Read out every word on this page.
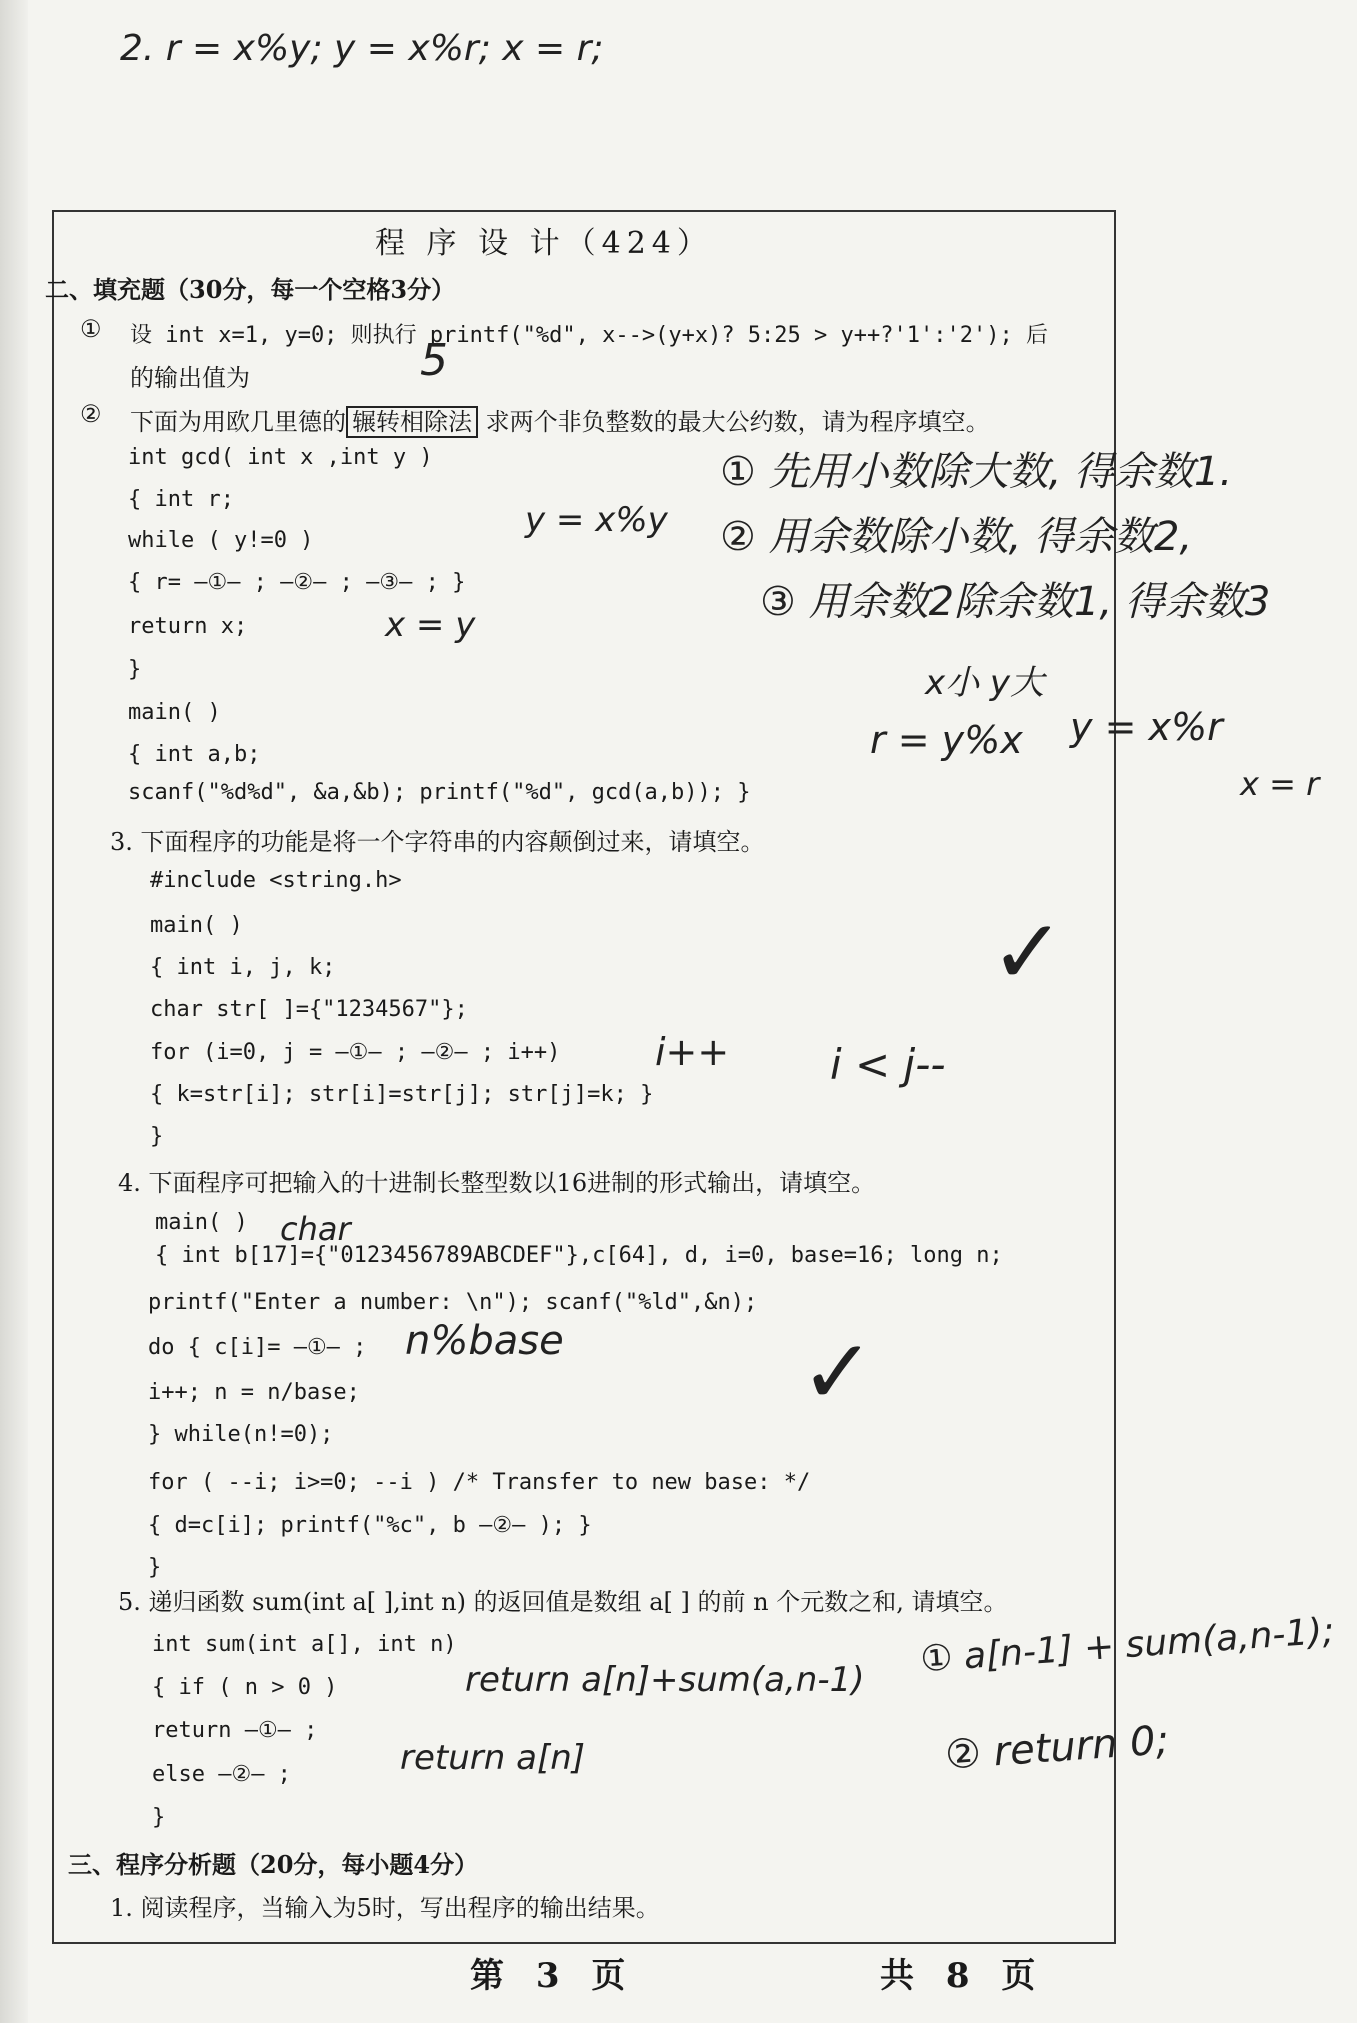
2. r = x%y; y = x%r; x = r;
程 序 设 计（424）
二、填充题（30分，每一个空格3分）
① 设 int x=1, y=0; 则执行 printf("%d", x-->(y+x)? 5:25 > y++?'1':'2'); 后
的输出值为	5
② 下面为用欧几里德的 辗转相除法 求两个非负整数的最大公约数，请为程序填空。
int gcd( int x ,int y )
{ int r;
while ( y!=0 )
{ r= —①— ; —②— ; —③— ; }
return x;
}
main( )
{ int a,b;
scanf("%d%d", &a,&b); printf("%d", gcd(a,b)); }
① 先用小数除大数, 得余数1.
② 用余数除小数, 得余数2,
③ 用余数2除余数1, 得余数3
y = x%y
x = y
x小 y大
r = y%x y = x%r
x = r
3. 下面程序的功能是将一个字符串的内容颠倒过来，请填空。
#include <string.h>
main( )
{ int i, j, k;
char str[ ]={"1234567"};
for (i=0, j = —①— ; —②— ; i++)
{ k=str[i]; str[i]=str[j]; str[j]=k; }
}
i++ i < j--
✓
4. 下面程序可把输入的十进制长整型数以16进制的形式输出，请填空。
char
main( )
{ int b[17]={"0123456789ABCDEF"},c[64], d, i=0, base=16; long n;
printf("Enter a number: \n"); scanf("%ld",&n);
do { c[i]= —①— ;
i++; n = n/base;
} while(n!=0);
for ( --i; i>=0; --i ) /* Transfer to new base: */
{ d=c[i]; printf("%c", b —②— ); }
}
n%base	✓
5. 递归函数 sum(int a[ ],int n) 的返回值是数组 a[ ] 的前 n 个元数之和, 请填空。
int sum(int a[], int n)
{ if ( n > 0 )
return —①— ;
else —②— ;
}
return a[n]+sum(a,n-1)
return a[n]
① a[n-1] + sum(a,n-1);
② return 0;
三、程序分析题（20分，每小题4分）
1. 阅读程序，当输入为5时，写出程序的输出结果。
第 3 页	共 8 页
